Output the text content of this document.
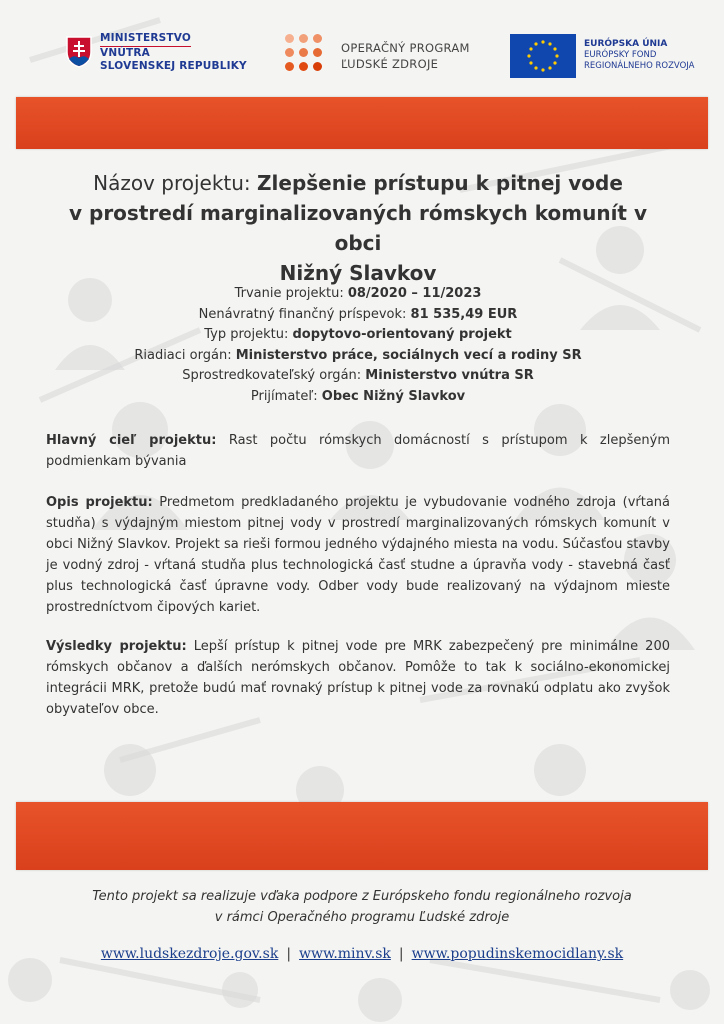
MINISTERSTVO
VNÚTRA
SLOVENSKEJ REPUBLIKY
OPERAČNÝ PROGRAM
ĽUDSKÉ ZDROJE
EURÓPSKA ÚNIA
EURÓPSKY FOND
REGIONÁLNEHO ROZVOJA
Názov projektu: Zlepšenie prístupu k pitnej vode
v prostredí marginalizovaných rómskych komunít v obci
Nižný Slavkov
Trvanie projektu: 08/2020 – 11/2023
Nenávratný finančný príspevok: 81 535,49 EUR
Typ projektu: dopytovo-orientovaný projekt
Riadiaci orgán: Ministerstvo práce, sociálnych vecí a rodiny SR
Sprostredkovateľský orgán: Ministerstvo vnútra SR
Prijímateľ: Obec Nižný Slavkov
Hlavný cieľ projektu: Rast počtu rómskych domácností s prístupom k zlepšeným podmienkam bývania
Opis projektu: Predmetom predkladaného projektu je vybudovanie vodného zdroja (vŕtaná studňa) s výdajným miestom pitnej vody v prostredí marginalizovaných rómskych komunít v obci Nižný Slavkov. Projekt sa rieši formou jedného výdajného miesta na vodu. Súčasťou stavby je vodný zdroj - vŕtaná studňa plus technologická časť studne a úpravňa vody - stavebná časť plus technologická časť úpravne vody. Odber vody bude realizovaný na výdajnom mieste prostredníctvom čipových kariet.
Výsledky projektu: Lepší prístup k pitnej vode pre MRK zabezpečený pre minimálne 200 rómskych občanov a ďalších nerómskych občanov. Pomôže to tak k sociálno-ekonomickej integrácii MRK, pretože budú mať rovnaký prístup k pitnej vode za rovnakú odplatu ako zvyšok obyvateľov obce.
Tento projekt sa realizuje vďaka podpore z Európskeho fondu regionálneho rozvoja
v rámci Operačného programu Ľudské zdroje
www.ludskezdroje.gov.sk | www.minv.sk | www.popudinskemocidlany.sk
